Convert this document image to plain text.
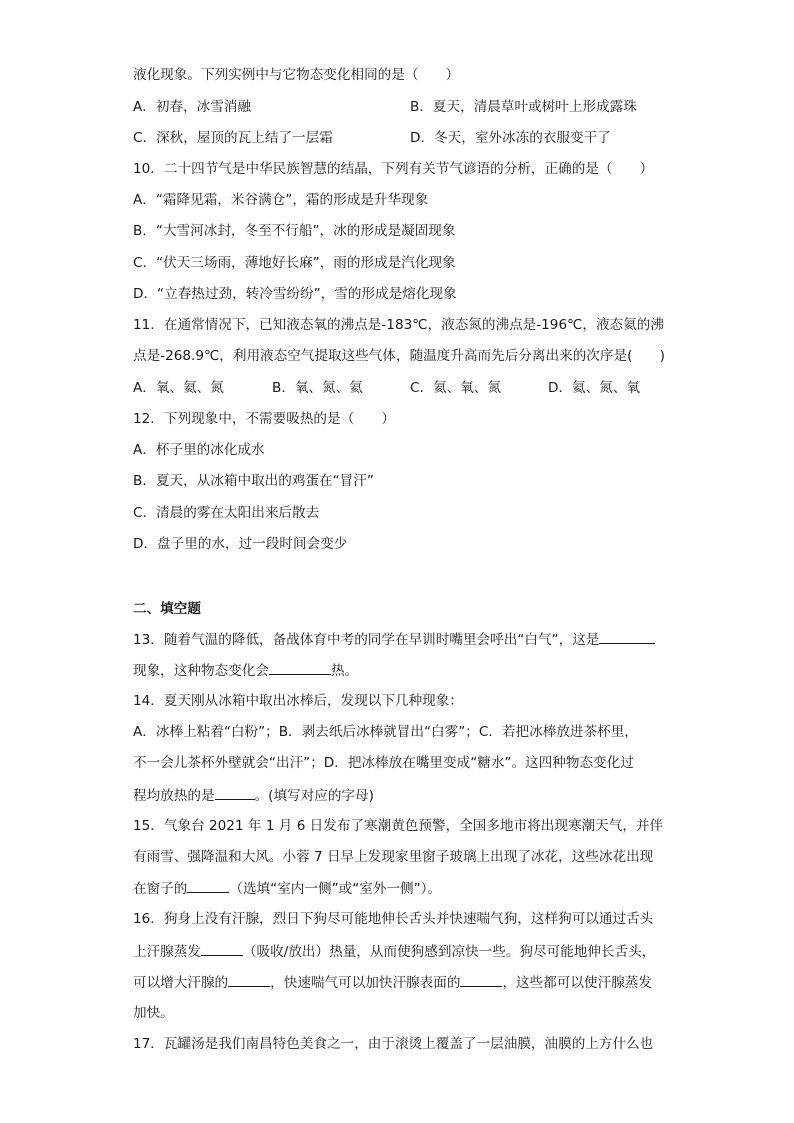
液化现象。下列实例中与它物态变化相同的是（　　）
A．初春，冰雪消融	B．夏天，清晨草叶或树叶上形成露珠
C．深秋，屋顶的瓦上结了一层霜	D．冬天，室外冰冻的衣服变干了
10．二十四节气是中华民族智慧的结晶，下列有关节气谚语的分析，正确的是（　　）
A．“霜降见霜，米谷满仓”，霜的形成是升华现象
B．“大雪河冰封，冬至不行船”，冰的形成是凝固现象
C．“伏天三场雨，薄地好长麻”，雨的形成是汽化现象
D．“立春热过劲，转冷雪纷纷”，雪的形成是熔化现象
11．在通常情况下，已知液态氧的沸点是-183℃，液态氮的沸点是-196℃，液态氦的沸
点是-268.9℃，利用液态空气提取这些气体，随温度升高而先后分离出来的次序是(　　)
A．氧、氦、氮	B．氧、氮、氦	C．氦、氧、氮	D．氦、氮、氧
12．下列现象中，不需要吸热的是（　　）
A．杯子里的冰化成水
B．夏天，从冰箱中取出的鸡蛋在“冒汗”
C．清晨的雾在太阳出来后散去
D．盘子里的水，过一段时间会变少
二、填空题
13．随着气温的降低，备战体育中考的同学在早训时嘴里会呼出“白气”，这是
现象，这种物态变化会	热。
14．夏天刚从冰箱中取出冰棒后，发现以下几种现象：
A．冰棒上粘着“白粉”；B．剥去纸后冰棒就冒出“白雾”；C．若把冰棒放进茶杯里，
不一会儿茶杯外壁就会“出汗”；D．把冰棒放在嘴里变成“糖水”。这四种物态变化过
程均放热的是	。(填写对应的字母)
15．气象台 2021 年 1 月 6 日发布了寒潮黄色预警，全国多地市将出现寒潮天气，并伴
有雨雪、强降温和大风。小蓉 7 日早上发现家里窗子玻璃上出现了冰花，这些冰花出现
在窗子的	（选填“室内一侧”或“室外一侧”）。
16．狗身上没有汗腺，烈日下狗尽可能地伸长舌头并快速喘气狗，这样狗可以通过舌头
上汗腺蒸发	（吸收/放出）热量，从而使狗感到凉快一些。狗尽可能地伸长舌头，
可以增大汗腺的	，快速喘气可以加快汗腺表面的	，这些都可以使汗腺蒸发
加快。
17．瓦罐汤是我们南昌特色美食之一，由于滚烫上覆盖了一层油膜，油膜的上方什么也
